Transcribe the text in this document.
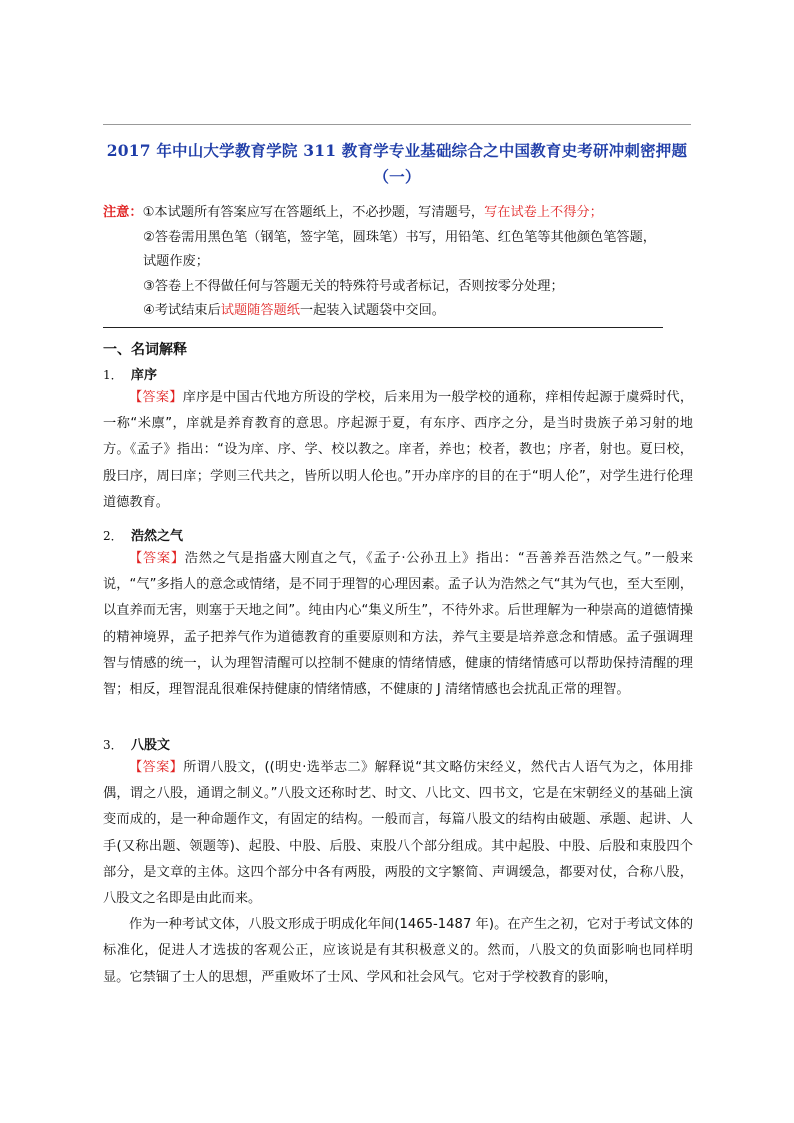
2017 年中山大学教育学院 311 教育学专业基础综合之中国教育史考研冲刺密押题
（一）
注意：①本试题所有答案应写在答题纸上，不必抄题，写清题号，写在试卷上不得分；
②答卷需用黑色笔（钢笔，签字笔，圆珠笔）书写，用铅笔、红色笔等其他颜色笔答题，
试题作废；
③答卷上不得做任何与答题无关的特殊符号或者标记，否则按零分处理；
④考试结束后试题随答题纸一起装入试题袋中交回。
一、名词解释
1． 庠序

【答案】庠序是中国古代地方所设的学校，后来用为一般学校的通称，痒相传起源于虞舜时代，一称“米廪”，庠就是养育教育的意思。序起源于夏，有东序、西序之分，是当时贵族子弟习射的地方。《孟子》指出：“设为庠、序、学、校以教之。庠者，养也；校者，教也；序者，射也。夏曰校，殷曰序，周曰庠；学则三代共之，皆所以明人伦也。”开办庠序的目的在于“明人伦”，对学生进行伦理道德教育。

2． 浩然之气

【答案】浩然之气是指盛大刚直之气，《孟子·公孙丑上》指出：“吾善养吾浩然之气。”一般来说，“气”多指人的意念或情绪，是不同于理智的心理因素。孟子认为浩然之气“其为气也，至大至刚，以直养而无害，则塞于天地之间”。纯由内心“集义所生”，不待外求。后世理解为一种崇高的道德情操的精神境界，孟子把养气作为道德教育的重要原则和方法，养气主要是培养意念和情感。孟子强调理智与情感的统一，认为理智清醒可以控制不健康的情绪情感，健康的情绪情感可以帮助保持清醒的理智；相反，理智混乱很难保持健康的情绪情感，不健康的 J 清绪情感也会扰乱正常的理智。

3． 八股文

【答案】所谓八股文，((明史·选举志二》解释说“其文略仿宋经义，然代古人语气为之，体用排偶，谓之八股，通谓之制义。”八股文还称时艺、时文、八比文、四书文，它是在宋朝经义的基础上演变而成的，是一种命题作文，有固定的结构。一般而言，每篇八股文的结构由破题、承题、起讲、人手(又称出题、领题等)、起股、中股、后股、束股八个部分组成。其中起股、中股、后股和束股四个部分，是文章的主体。这四个部分中各有两股，两股的文字繁简、声调缓急，都要对仗，合称八股，八股文之名即是由此而来。

作为一种考试文体，八股文形成于明成化年间(1465-1487 年)。在产生之初，它对于考试文体的标准化，促进人才选拔的客观公正，应该说是有其积极意义的。然而，八股文的负面影响也同样明显。它禁锢了士人的思想，严重败坏了士风、学风和社会风气。它对于学校教育的影响，
